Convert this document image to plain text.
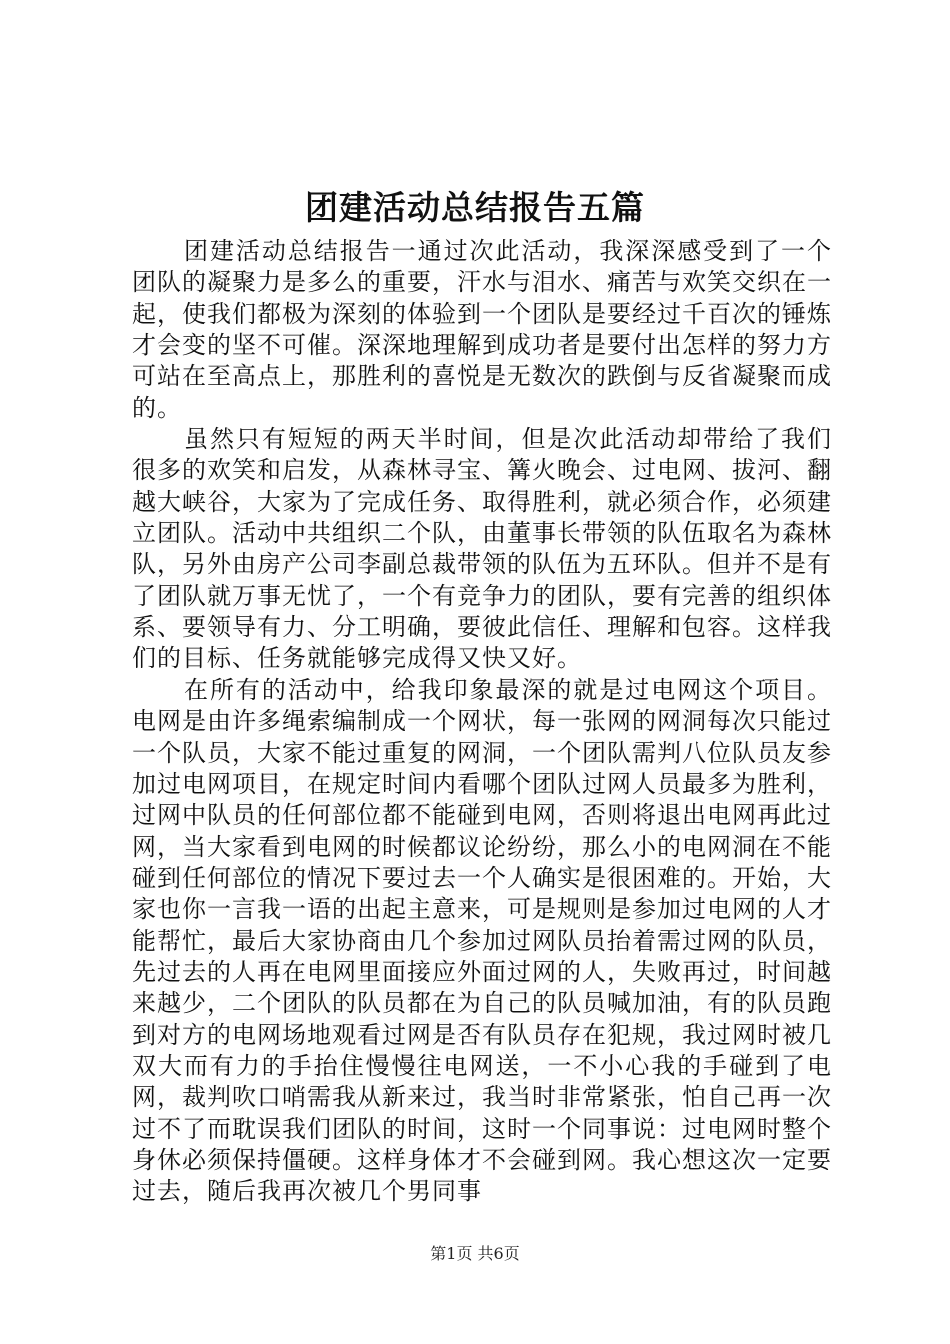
团建活动总结报告五篇

团建活动总结报告一通过次此活动，我深深感受到了一个团队的凝聚力是多么的重要，汗水与泪水、痛苦与欢笑交织在一起，使我们都极为深刻的体验到一个团队是要经过千百次的锤炼才会变的坚不可催。深深地理解到成功者是要付出怎样的努力方可站在至高点上，那胜利的喜悦是无数次的跌倒与反省凝聚而成的。

虽然只有短短的两天半时间，但是次此活动却带给了我们很多的欢笑和启发，从森林寻宝、篝火晚会、过电网、拔河、翻越大峡谷，大家为了完成任务、取得胜利，就必须合作，必须建立团队。活动中共组织二个队，由董事长带领的队伍取名为森林队，另外由房产公司李副总裁带领的队伍为五环队。但并不是有了团队就万事无忧了，一个有竞争力的团队，要有完善的组织体系、要领导有力、分工明确，要彼此信任、理解和包容。这样我们的目标、任务就能够完成得又快又好。

在所有的活动中，给我印象最深的就是过电网这个项目。电网是由许多绳索编制成一个网状，每一张网的网洞每次只能过一个队员，大家不能过重复的网洞，一个团队需判八位队员友参加过电网项目，在规定时间内看哪个团队过网人员最多为胜利，过网中队员的任何部位都不能碰到电网，否则将退出电网再此过网，当大家看到电网的时候都议论纷纷，那么小的电网洞在不能碰到任何部位的情况下要过去一个人确实是很困难的。开始，大家也你一言我一语的出起主意来，可是规则是参加过电网的人才能帮忙，最后大家协商由几个参加过网队员抬着需过网的队员，先过去的人再在电网里面接应外面过网的人，失败再过，时间越来越少，二个团队的队员都在为自己的队员喊加油，有的队员跑到对方的电网场地观看过网是否有队员存在犯规，我过网时被几双大而有力的手抬住慢慢往电网送，一不小心我的手碰到了电网，裁判吹口哨需我从新来过，我当时非常紧张，怕自己再一次过不了而耽误我们团队的时间，这时一个同事说：过电网时整个身休必须保持僵硬。这样身体才不会碰到网。我心想这次一定要过去，随后我再次被几个男同事

第1页 共6页
